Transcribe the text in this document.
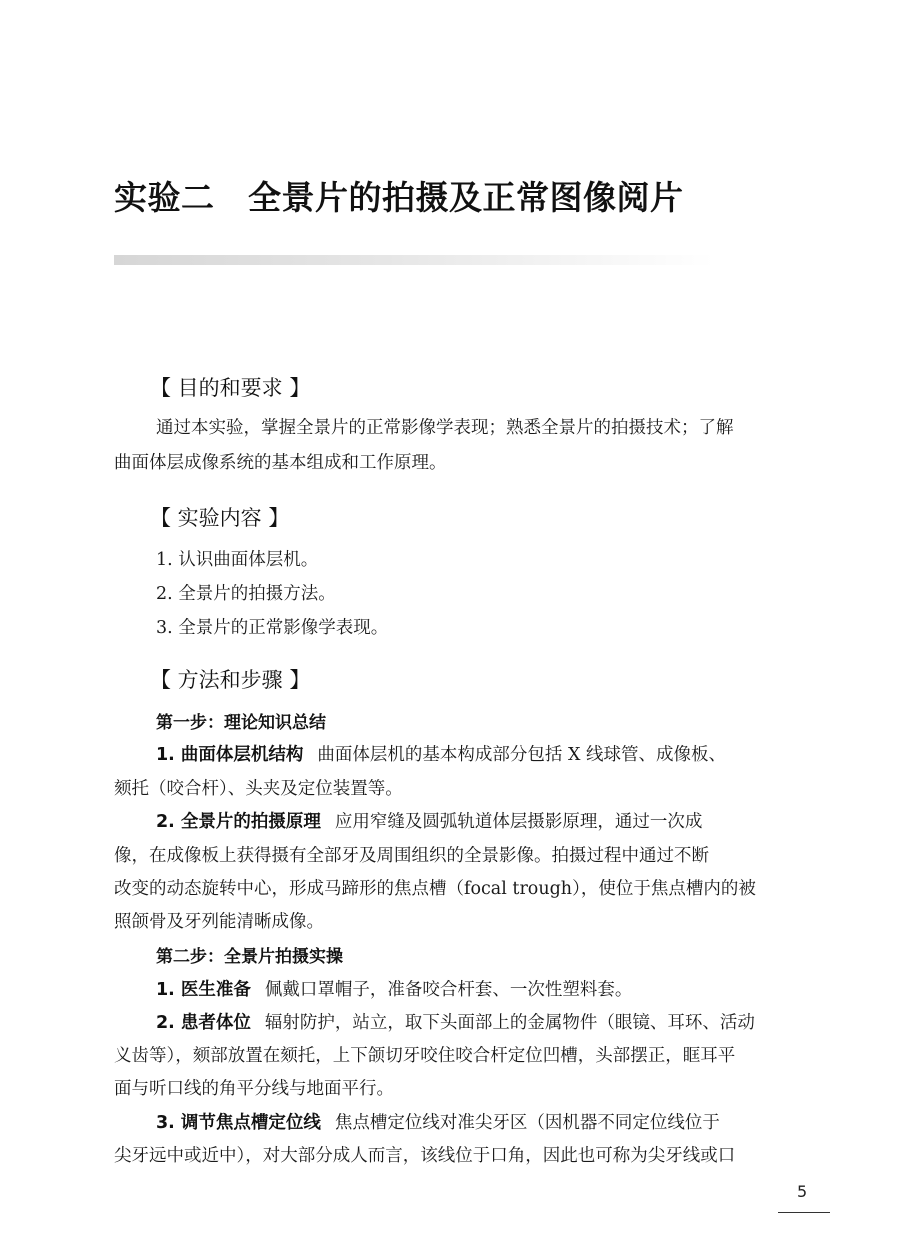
实验二　全景片的拍摄及正常图像阅片
【 目的和要求 】
通过本实验，掌握全景片的正常影像学表现；熟悉全景片的拍摄技术；了解
曲面体层成像系统的基本组成和工作原理。
【 实验内容 】
1. 认识曲面体层机。
2. 全景片的拍摄方法。
3. 全景片的正常影像学表现。
【 方法和步骤 】
第一步：理论知识总结
1. 曲面体层机结构 曲面体层机的基本构成部分包括 X 线球管、成像板、
颏托（咬合杆）、头夹及定位装置等。
2. 全景片的拍摄原理 应用窄缝及圆弧轨道体层摄影原理，通过一次成
像，在成像板上获得摄有全部牙及周围组织的全景影像。拍摄过程中通过不断
改变的动态旋转中心，形成马蹄形的焦点槽（focal trough），使位于焦点槽内的被
照颌骨及牙列能清晰成像。
第二步：全景片拍摄实操
1. 医生准备 佩戴口罩帽子，准备咬合杆套、一次性塑料套。
2. 患者体位 辐射防护，站立，取下头面部上的金属物件（眼镜、耳环、活动
义齿等），颏部放置在颏托，上下颌切牙咬住咬合杆定位凹槽，头部摆正，眶耳平
面与听口线的角平分线与地面平行。
3. 调节焦点槽定位线 焦点槽定位线对准尖牙区（因机器不同定位线位于
尖牙远中或近中），对大部分成人而言，该线位于口角，因此也可称为尖牙线或口
5
